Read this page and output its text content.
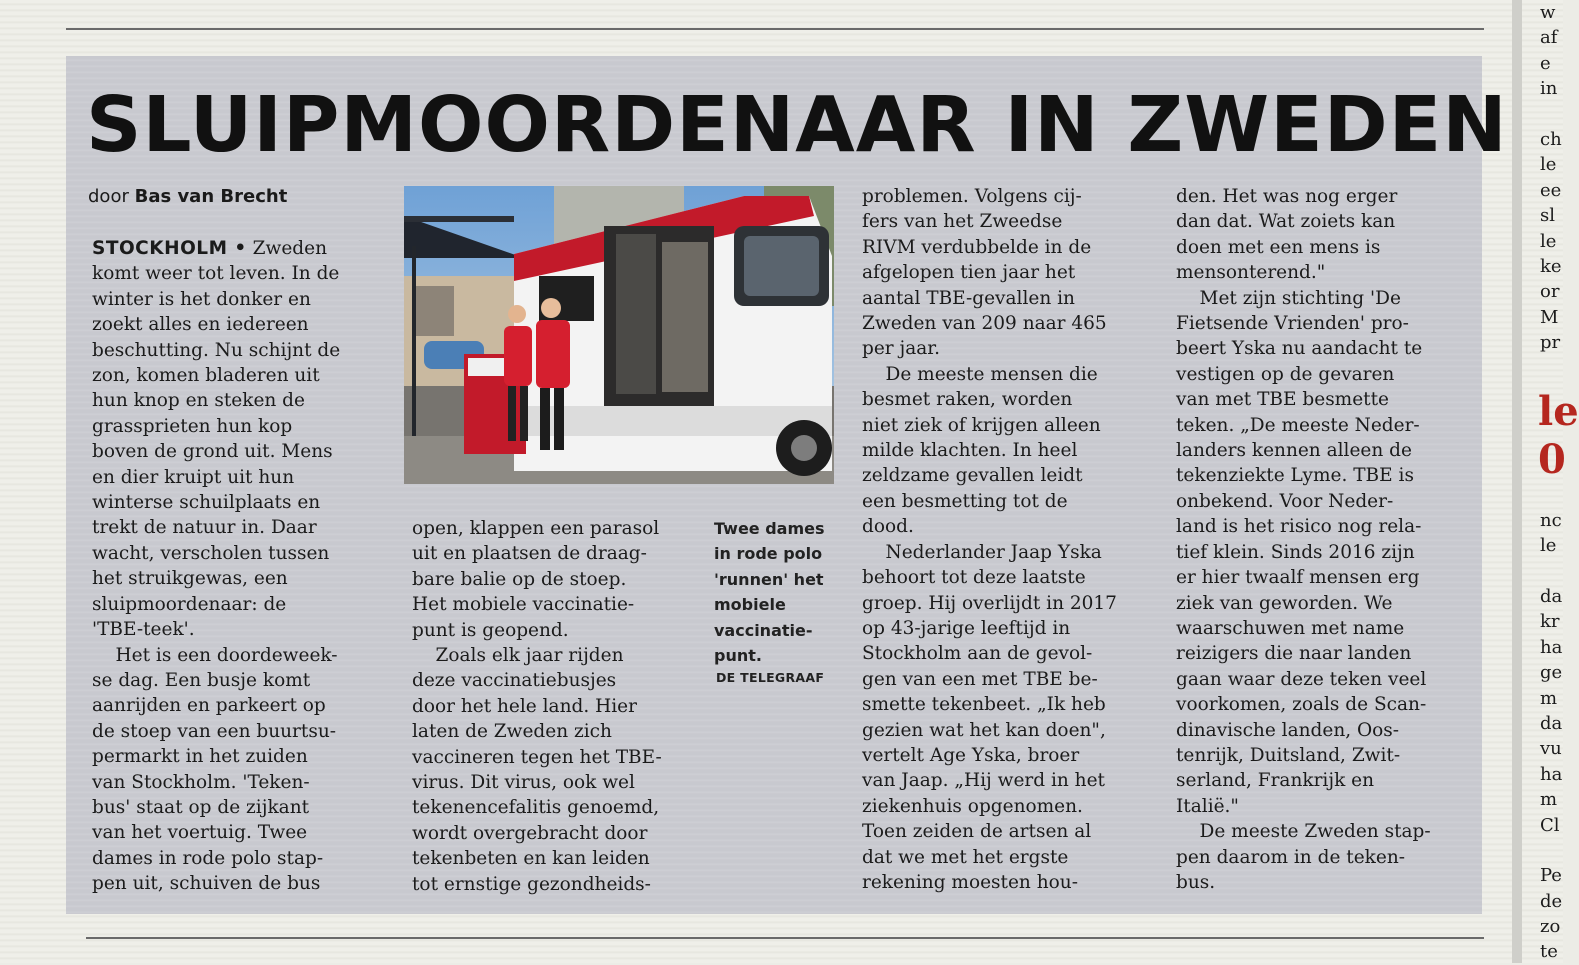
SLUIPMOORDENAAR IN ZWEDEN
door Bas van Brecht

STOCKHOLM • Zweden

komt weer tot leven. In de

winter is het donker en

zoekt alles en iedereen

beschutting. Nu schijnt de

zon, komen bladeren uit

hun knop en steken de

grassprieten hun kop

boven de grond uit. Mens

en dier kruipt uit hun

winterse schuilplaats en

trekt de natuur in. Daar

wacht, verscholen tussen

het struikgewas, een

sluipmoordenaar: de

'TBE-teek'.

Het is een doordeweek-

se dag. Een busje komt

aanrijden en parkeert op

de stoep van een buurtsu-

permarkt in het zuiden

van Stockholm. 'Teken-

bus' staat op de zijkant

van het voertuig. Twee

dames in rode polo stap-

pen uit, schuiven de bus

open, klappen een parasol

uit en plaatsen de draag-

bare balie op de stoep.

Het mobiele vaccinatie-

punt is geopend.

Zoals elk jaar rijden

deze vaccinatiebusjes

door het hele land. Hier

laten de Zweden zich

vaccineren tegen het TBE-

virus. Dit virus, ook wel

tekenencefalitis genoemd,

wordt overgebracht door

tekenbeten en kan leiden

tot ernstige gezondheids-

Twee dames
in rode polo
'runnen' het
mobiele
vaccinatie-
punt.
DE TELEGRAAF

problemen. Volgens cij-

fers van het Zweedse

RIVM verdubbelde in de

afgelopen tien jaar het

aantal TBE-gevallen in

Zweden van 209 naar 465

per jaar.

De meeste mensen die

besmet raken, worden

niet ziek of krijgen alleen

milde klachten. In heel

zeldzame gevallen leidt

een besmetting tot de

dood.

Nederlander Jaap Yska

behoort tot deze laatste

groep. Hij overlijdt in 2017

op 43-jarige leeftijd in

Stockholm aan de gevol-

gen van een met TBE be-

smette tekenbeet. „Ik heb

gezien wat het kan doen",

vertelt Age Yska, broer

van Jaap. „Hij werd in het

ziekenhuis opgenomen.

Toen zeiden de artsen al

dat we met het ergste

rekening moesten hou-

den. Het was nog erger

dan dat. Wat zoiets kan

doen met een mens is

mensonterend."

Met zijn stichting 'De

Fietsende Vrienden' pro-

beert Yska nu aandacht te

vestigen op de gevaren

van met TBE besmette

teken. „De meeste Neder-

landers kennen alleen de

tekenziekte Lyme. TBE is

onbekend. Voor Neder-

land is het risico nog rela-

tief klein. Sinds 2016 zijn

er hier twaalf mensen erg

ziek van geworden. We

waarschuwen met name

reizigers die naar landen

gaan waar deze teken veel

voorkomen, zoals de Scan-

dinavische landen, Oos-

tenrijk, Duitsland, Zwit-

serland, Frankrijk en

Italië."

De meeste Zweden stap-

pen daarom in de teken-

bus.

w
af
e
in
ch
le
ee
sl
le
ke
or
M
pr
nc
le
da
kr
ha
ge
m
da
vu
ha
m
Cl
Pe
de
zo
te
le
0
